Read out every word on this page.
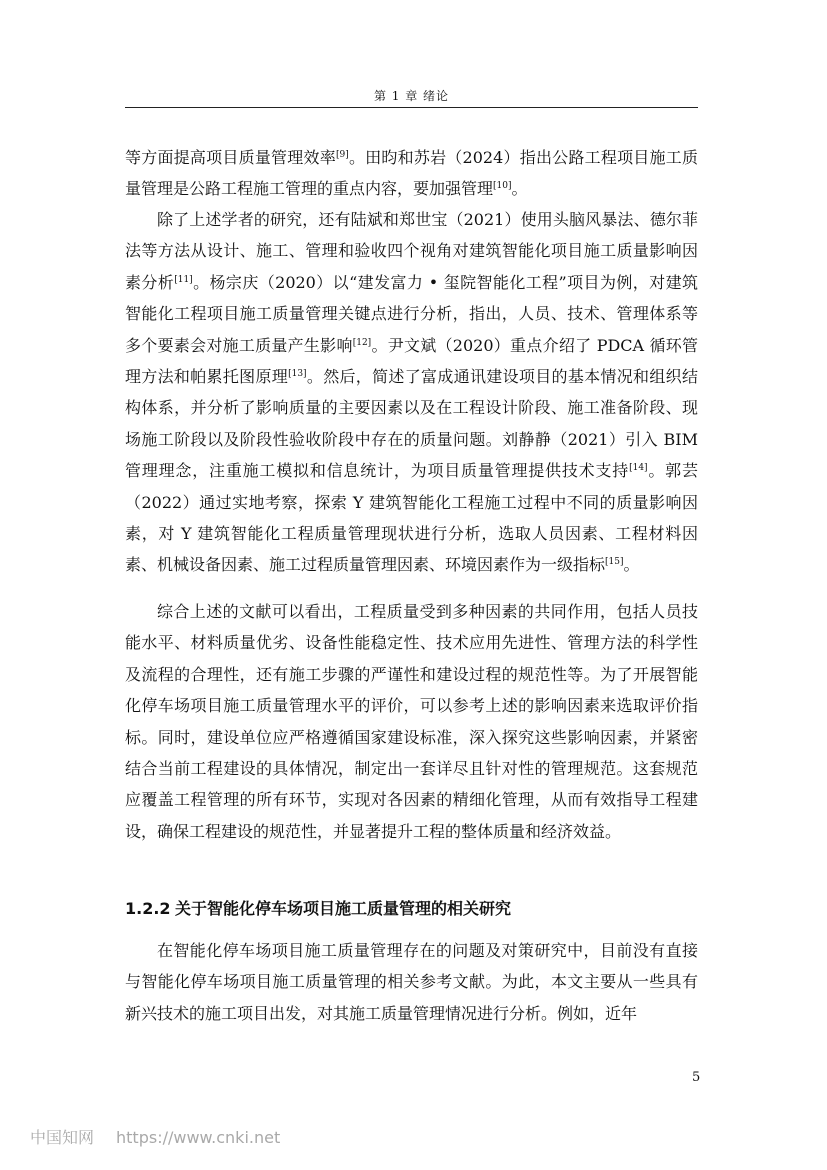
第 1 章 绪论

等方面提高项目质量管理效率[9]。田昀和苏岩（2024）指出公路工程项目施工质量管理是公路工程施工管理的重点内容，要加强管理[10]。

除了上述学者的研究，还有陆斌和郑世宝（2021）使用头脑风暴法、德尔菲法等方法从设计、施工、管理和验收四个视角对建筑智能化项目施工质量影响因素分析[11]。杨宗庆（2020）以“建发富力 • 玺院智能化工程”项目为例，对建筑智能化工程项目施工质量管理关键点进行分析，指出，人员、技术、管理体系等多个要素会对施工质量产生影响[12]。尹文斌（2020）重点介绍了 PDCA 循环管理方法和帕累托图原理[13]。然后，简述了富成通讯建设项目的基本情况和组织结构体系，并分析了影响质量的主要因素以及在工程设计阶段、施工准备阶段、现场施工阶段以及阶段性验收阶段中存在的质量问题。刘静静（2021）引入 BIM 管理理念，注重施工模拟和信息统计，为项目质量管理提供技术支持[14]。郭芸（2022）通过实地考察，探索 Y 建筑智能化工程施工过程中不同的质量影响因素，对 Y 建筑智能化工程质量管理现状进行分析，选取人员因素、工程材料因素、机械设备因素、施工过程质量管理因素、环境因素作为一级指标[15]。

综合上述的文献可以看出，工程质量受到多种因素的共同作用，包括人员技能水平、材料质量优劣、设备性能稳定性、技术应用先进性、管理方法的科学性及流程的合理性，还有施工步骤的严谨性和建设过程的规范性等。为了开展智能化停车场项目施工质量管理水平的评价，可以参考上述的影响因素来选取评价指标。同时，建设单位应严格遵循国家建设标准，深入探究这些影响因素，并紧密结合当前工程建设的具体情况，制定出一套详尽且针对性的管理规范。这套规范应覆盖工程管理的所有环节，实现对各因素的精细化管理，从而有效指导工程建设，确保工程建设的规范性，并显著提升工程的整体质量和经济效益。

1.2.2 关于智能化停车场项目施工质量管理的相关研究

在智能化停车场项目施工质量管理存在的问题及对策研究中，目前没有直接与智能化停车场项目施工质量管理的相关参考文献。为此，本文主要从一些具有新兴技术的施工项目出发，对其施工质量管理情况进行分析。例如，近年

5
中国知网 https://www.cnki.net
